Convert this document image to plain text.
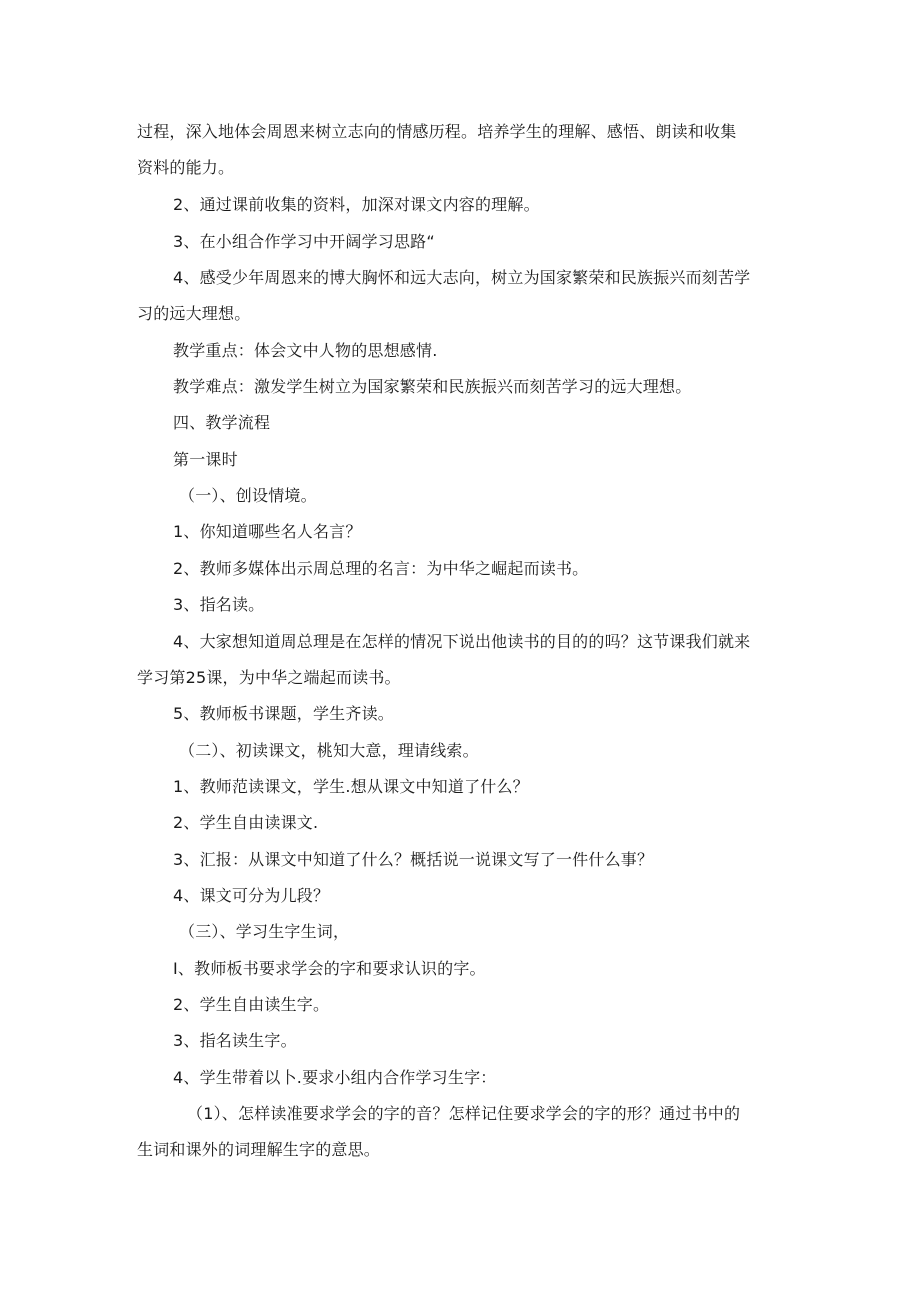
过程，深入地体会周恩来树立志向的情感历程。培养学生的理解、感悟、朗读和收集
资料的能力。
2、通过课前收集的资料，加深对课文内容的理解。
3、在小组合作学习中开阔学习思路“
4、感受少年周恩来的博大胸怀和远大志向，树立为国家繁荣和民族振兴而刻苦学
习的远大理想。
教学重点：体会文中人物的思想感情.
教学难点：激发学生树立为国家繁荣和民族振兴而刻苦学习的远大理想。
四、教学流程
第一课时
（一）、创设情境。
1、你知道哪些名人名言？
2、教师多媒体出示周总理的名言：为中华之崛起而读书。
3、指名读。
4、大家想知道周总理是在怎样的情况下说出他读书的目的的吗？这节课我们就来
学习第25课，为中华之端起而读书。
5、教师板书课题，学生齐读。
（二）、初读课文，桃知大意，理请线索。
1、教师范读课文，学生.想从课文中知道了什么？
2、学生自由读课文.
3、汇报：从课文中知道了什么？概括说一说课文写了一件什么事？
4、课文可分为儿段？
（三）、学习生字生词，
I、教师板书要求学会的字和要求认识的字。
2、学生自由读生字。
3、指名读生字。
4、学生带着以卜.要求小组内合作学习生字：
（1）、怎样读准要求学会的字的音？怎样记住要求学会的字的形？通过书中的
生词和课外的词理解生字的意思。
